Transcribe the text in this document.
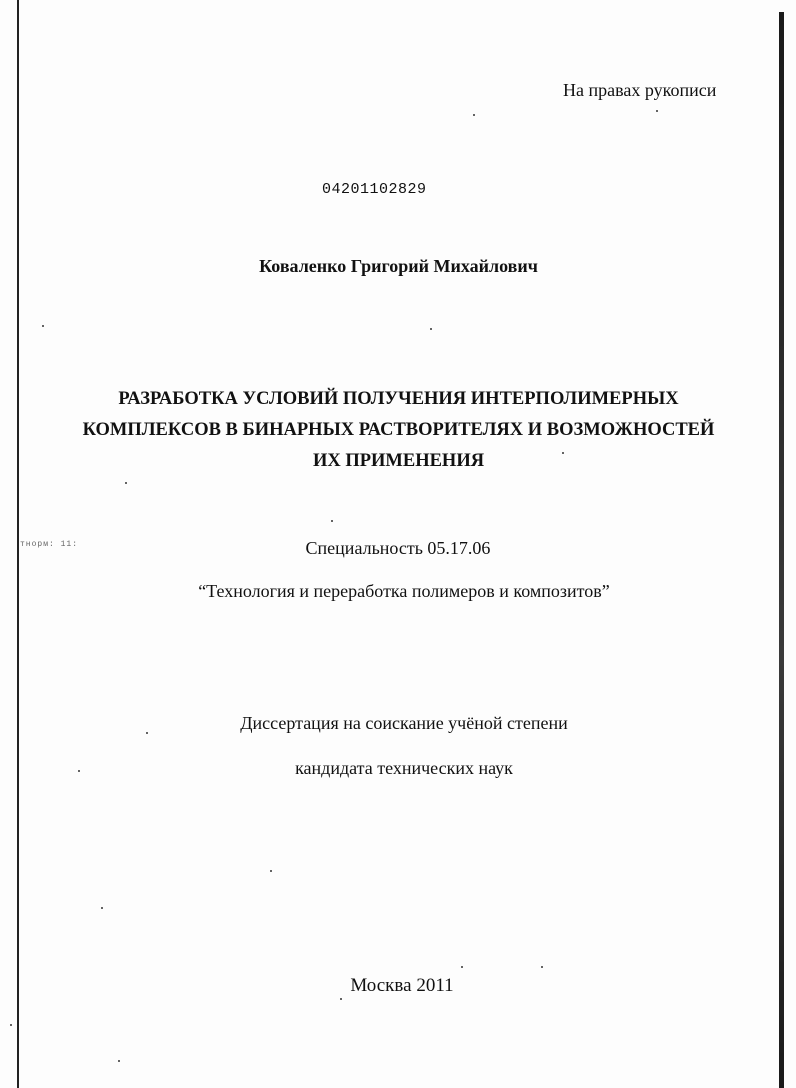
тнорм: 11:
На правах рукописи
04201102829
Коваленко Григорий Михайлович
РАЗРАБОТКА УСЛОВИЙ ПОЛУЧЕНИЯ ИНТЕРПОЛИМЕРНЫХ
КОМПЛЕКСОВ В БИНАРНЫХ РАСТВОРИТЕЛЯХ И ВОЗМОЖНОСТЕЙ
ИХ ПРИМЕНЕНИЯ
Специальность 05.17.06
“Технология и переработка полимеров и композитов”
Диссертация на соискание учёной степени
кандидата технических наук
Москва 2011
